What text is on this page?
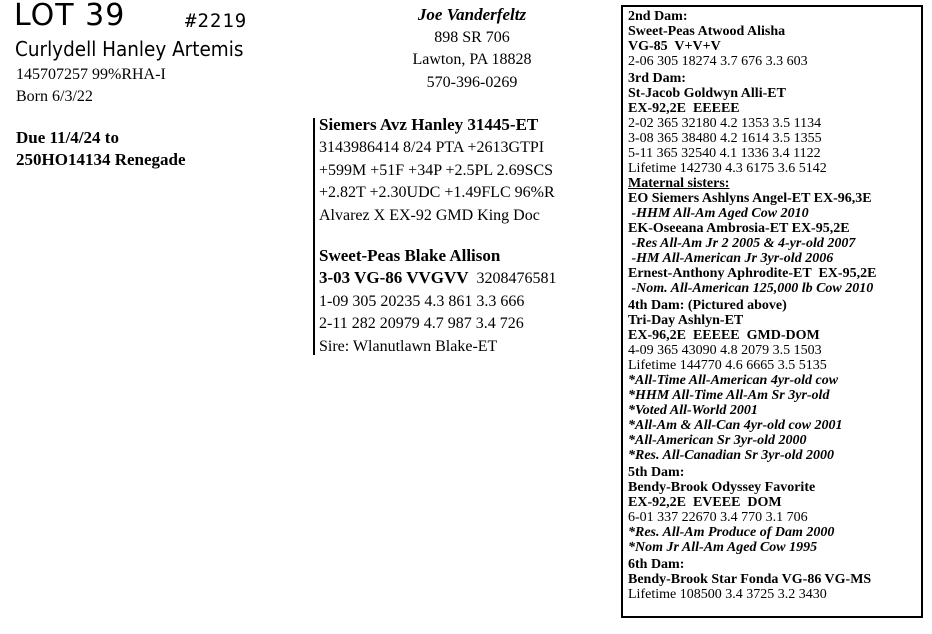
LOT 39	#2219
Curlydell Hanley Artemis
145707257 99%RHA-I
Born 6/3/22
Due 11/4/24 to
250HO14134 Renegade
Joe Vanderfeltz
898 SR 706
Lawton, PA 18828
570-396-0269
Siemers Avz Hanley 31445-ET
3143986414 8/24 PTA +2613GTPI
+599M +51F +34P +2.5PL 2.69SCS
+2.82T +2.30UDC +1.49FLC 96%R
Alvarez X EX-92 GMD King Doc
Sweet-Peas Blake Allison
3-03 VG-86 VVGVV  3208476581
1-09 305 20235 4.3 861 3.3 666
2-11 282 20979 4.7 987 3.4 726
Sire: Wlanutlawn Blake-ET
2nd Dam:
Sweet-Peas Atwood Alisha
VG-85  V+V+V
2-06 305 18274 3.7 676 3.3 603
3rd Dam:
St-Jacob Goldwyn Alli-ET
EX-92,2E  EEEEE
2-02 365 32180 4.2 1353 3.5 1134
3-08 365 38480 4.2 1614 3.5 1355
5-11 365 32540 4.1 1336 3.4 1122
Lifetime 142730 4.3 6175 3.6 5142
Maternal sisters:
EO Siemers Ashlyns Angel-ET EX-96,3E
-HHM All-Am Aged Cow 2010
EK-Oseeana Ambrosia-ET EX-95,2E
-Res All-Am Jr 2 2005 & 4-yr-old 2007
-HM All-American Jr 3yr-old 2006
Ernest-Anthony Aphrodite-ET  EX-95,2E
-Nom. All-American 125,000 lb Cow 2010
4th Dam: (Pictured above)
Tri-Day Ashlyn-ET
EX-96,2E  EEEEE  GMD-DOM
4-09 365 43090 4.8 2079 3.5 1503
Lifetime 144770 4.6 6665 3.5 5135
*All-Time All-American 4yr-old cow
*HHM All-Time All-Am Sr 3yr-old
*Voted All-World 2001
*All-Am & All-Can 4yr-old cow 2001
*All-American Sr 3yr-old 2000
*Res. All-Canadian Sr 3yr-old 2000
5th Dam:
Bendy-Brook Odyssey Favorite
EX-92,2E  EVEEE  DOM
6-01 337 22670 3.4 770 3.1 706
*Res. All-Am Produce of Dam 2000
*Nom Jr All-Am Aged Cow 1995
6th Dam:
Bendy-Brook Star Fonda VG-86 VG-MS
Lifetime 108500 3.4 3725 3.2 3430
